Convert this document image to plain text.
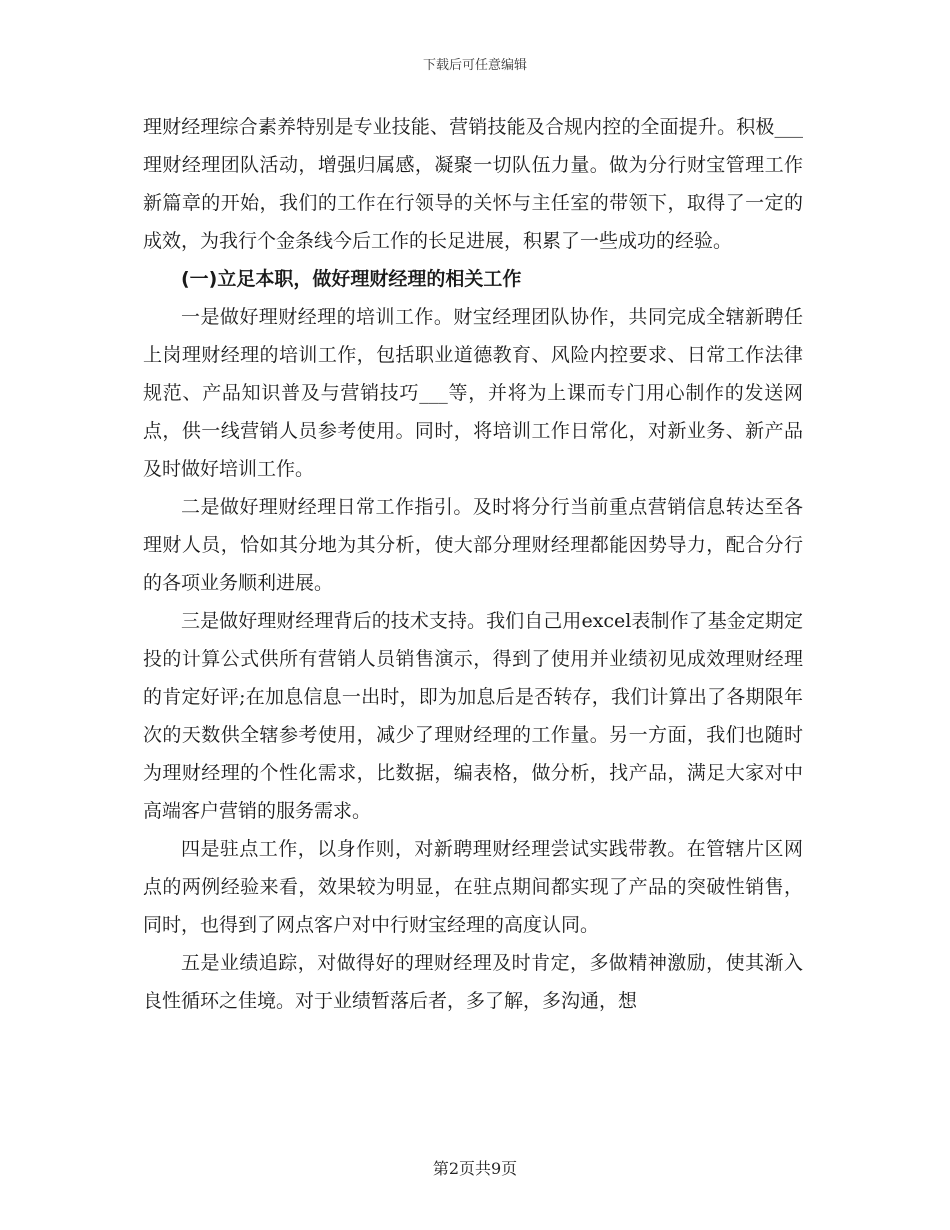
下载后可任意编辑

理财经理综合素养特别是专业技能、营销技能及合规内控的全面提升。积极___理财经理团队活动，增强归属感，凝聚一切队伍力量。做为分行财宝管理工作新篇章的开始，我们的工作在行领导的关怀与主任室的带领下，取得了一定的成效，为我行个金条线今后工作的长足进展，积累了一些成功的经验。

(一)立足本职，做好理财经理的相关工作

一是做好理财经理的培训工作。财宝经理团队协作，共同完成全辖新聘任上岗理财经理的培训工作，包括职业道德教育、风险内控要求、日常工作法律规范、产品知识普及与营销技巧___等，并将为上课而专门用心制作的发送网点，供一线营销人员参考使用。同时，将培训工作日常化，对新业务、新产品及时做好培训工作。

二是做好理财经理日常工作指引。及时将分行当前重点营销信息转达至各理财人员，恰如其分地为其分析，使大部分理财经理都能因势导力，配合分行的各项业务顺利进展。

三是做好理财经理背后的技术支持。我们自己用excel表制作了基金定期定投的计算公式供所有营销人员销售演示，得到了使用并业绩初见成效理财经理的肯定好评;在加息信息一出时，即为加息后是否转存，我们计算出了各期限年次的天数供全辖参考使用，减少了理财经理的工作量。另一方面，我们也随时为理财经理的个性化需求，比数据，编表格，做分析，找产品，满足大家对中高端客户营销的服务需求。

四是驻点工作，以身作则，对新聘理财经理尝试实践带教。在管辖片区网点的两例经验来看，效果较为明显，在驻点期间都实现了产品的突破性销售，同时，也得到了网点客户对中行财宝经理的高度认同。

五是业绩追踪，对做得好的理财经理及时肯定，多做精神激励，使其渐入良性循环之佳境。对于业绩暂落后者，多了解，多沟通，想

第2页共9页
